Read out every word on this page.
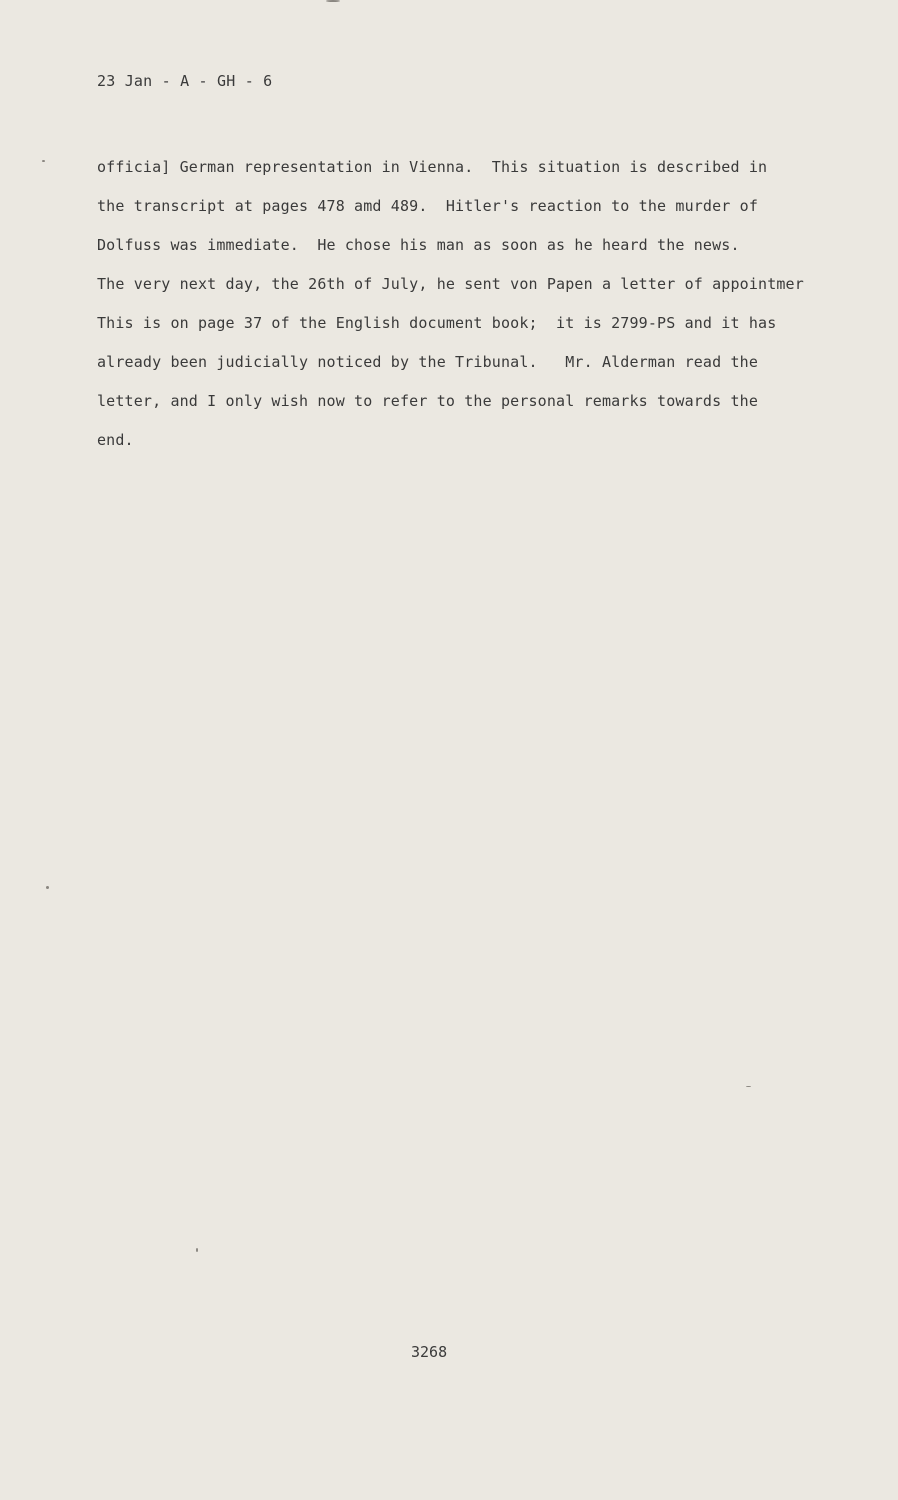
23 Jan - A - GH - 6
officia] German representation in Vienna.  This situation is described in
the transcript at pages 478 amd 489.  Hitler's reaction to the murder of
Dolfuss was immediate.  He chose his man as soon as he heard the news.
The very next day, the 26th of July, he sent von Papen a letter of appointmer
This is on page 37 of the English document book;  it is 2799-PS and it has
already been judicially noticed by the Tribunal.   Mr. Alderman read the
letter, and I only wish now to refer to the personal remarks towards the
end.
3268
